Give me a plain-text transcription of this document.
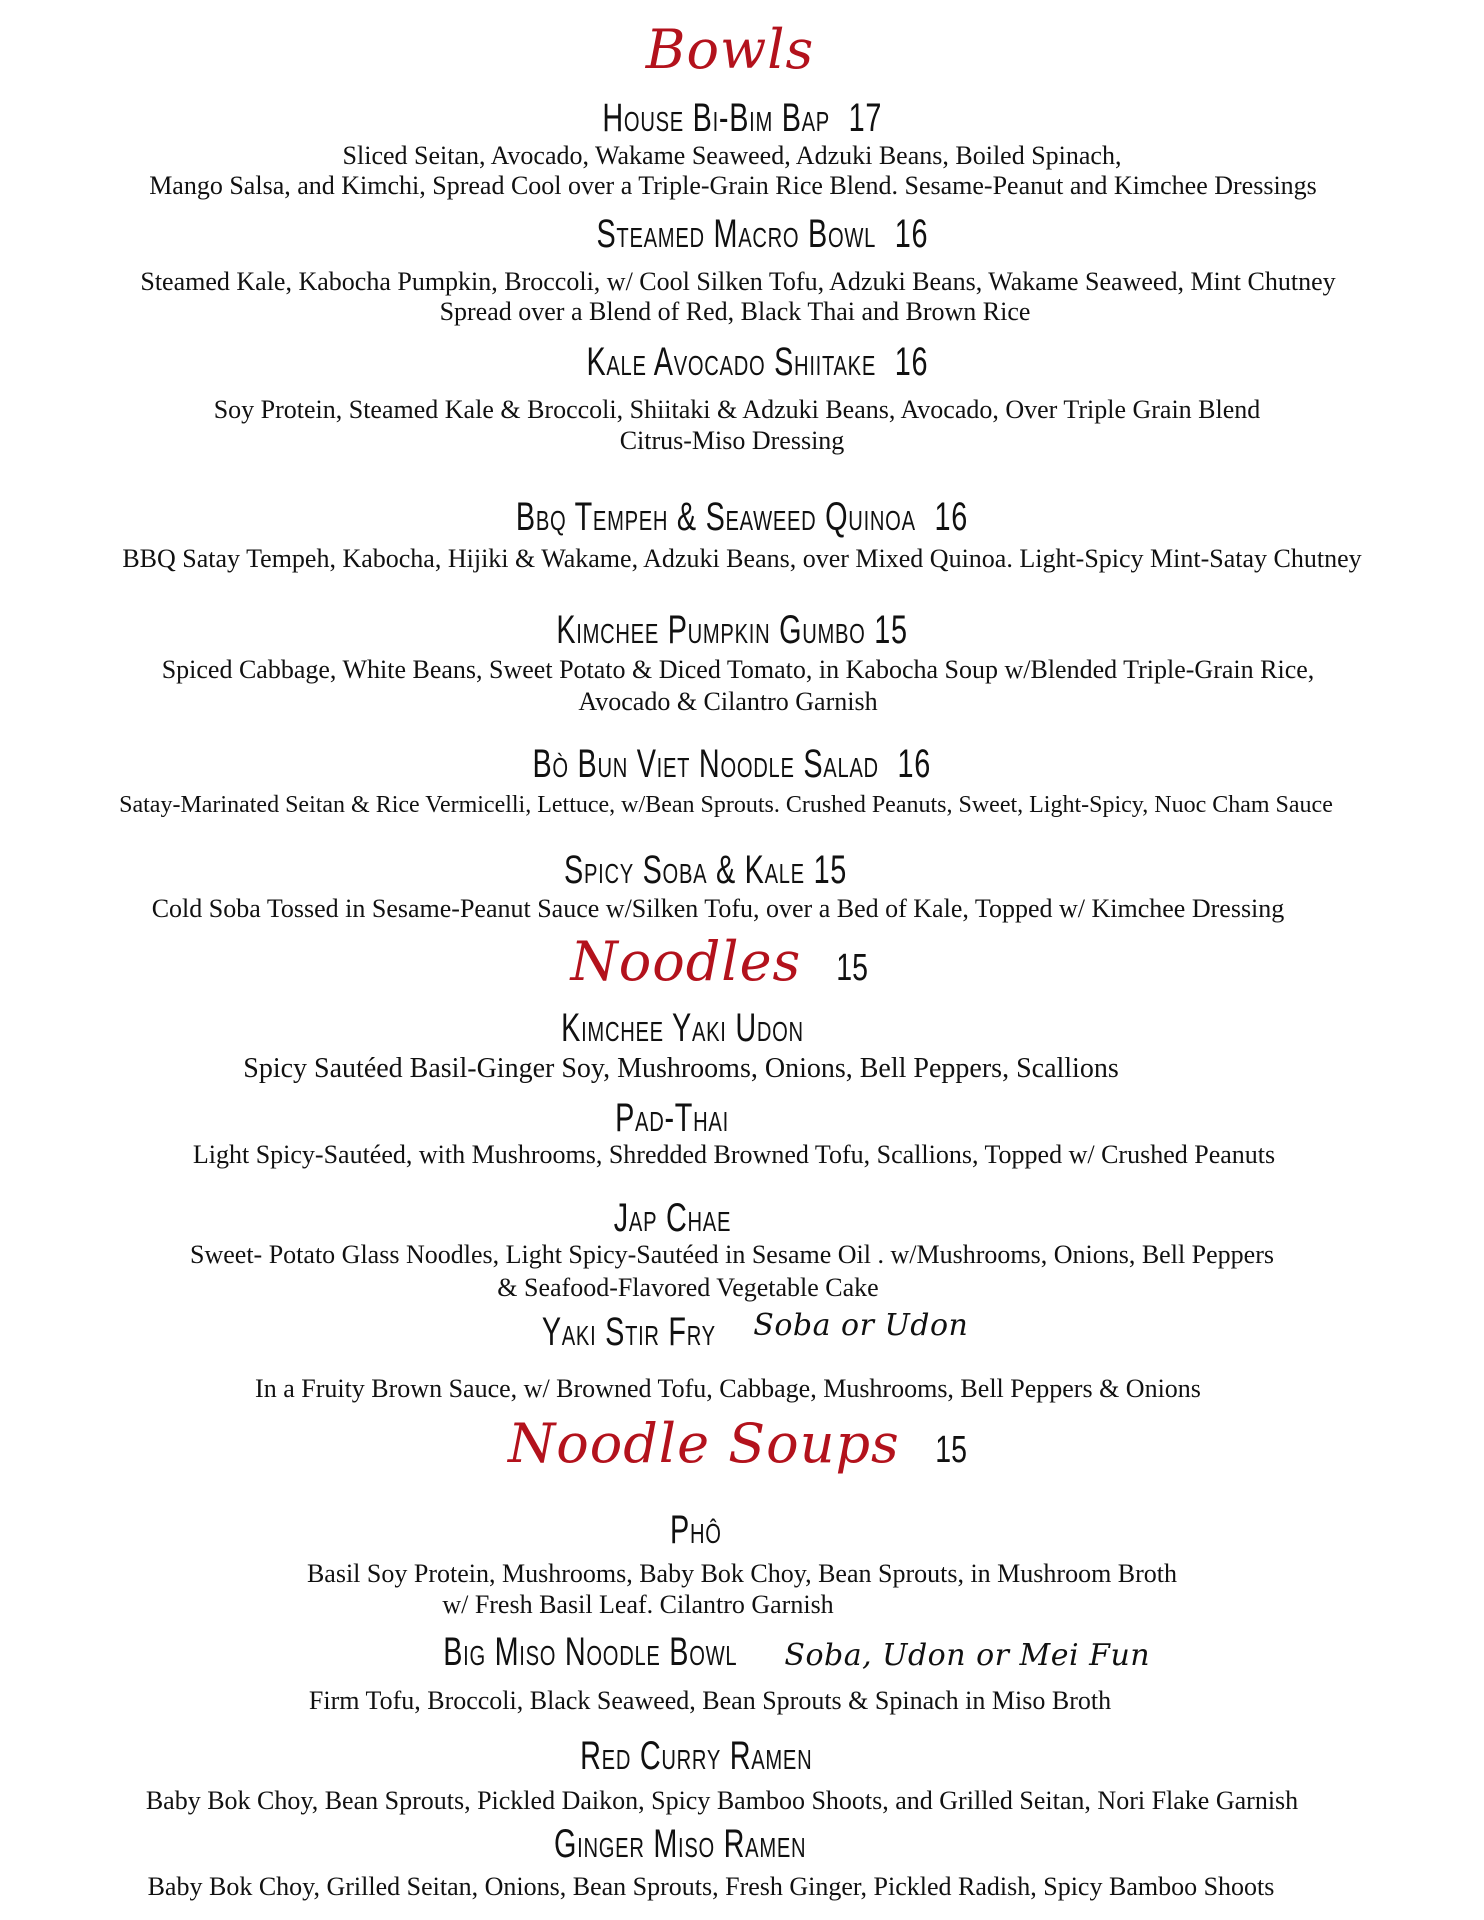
Bowls
House Bi-Bim Bap 17
Sliced Seitan, Avocado, Wakame Seaweed, Adzuki Beans, Boiled Spinach,
Mango Salsa, and Kimchi, Spread Cool over a Triple-Grain Rice Blend. Sesame-Peanut and Kimchee Dressings
Steamed Macro Bowl 16
Steamed Kale, Kabocha Pumpkin, Broccoli, w/ Cool Silken Tofu, Adzuki Beans, Wakame Seaweed, Mint Chutney
Spread over a Blend of Red, Black Thai and Brown Rice
Kale Avocado Shiitake 16
Soy Protein, Steamed Kale & Broccoli, Shiitaki & Adzuki Beans, Avocado, Over Triple Grain Blend
Citrus-Miso Dressing
Bbq Tempeh & Seaweed Quinoa 16
BBQ Satay Tempeh, Kabocha, Hijiki & Wakame, Adzuki Beans, over Mixed Quinoa. Light-Spicy Mint-Satay Chutney
Kimchee Pumpkin Gumbo 15
Spiced Cabbage, White Beans, Sweet Potato & Diced Tomato, in Kabocha Soup w/Blended Triple-Grain Rice,
Avocado & Cilantro Garnish
Bò Bun Viet Noodle Salad 16
Satay-Marinated Seitan & Rice Vermicelli, Lettuce, w/Bean Sprouts. Crushed Peanuts, Sweet, Light-Spicy, Nuoc Cham Sauce
Spicy Soba & Kale 15
Cold Soba Tossed in Sesame-Peanut Sauce w/Silken Tofu, over a Bed of Kale, Topped w/ Kimchee Dressing
Noodles 15
Kimchee Yaki Udon
Spicy Sautéed Basil-Ginger Soy, Mushrooms, Onions, Bell Peppers, Scallions
Pad-Thai
Light Spicy-Sautéed, with Mushrooms, Shredded Browned Tofu, Scallions, Topped w/ Crushed Peanuts
Jap Chae
Sweet- Potato Glass Noodles, Light Spicy-Sautéed in Sesame Oil . w/Mushrooms, Onions, Bell Peppers
& Seafood-Flavored Vegetable Cake
Yaki Stir Fry Soba or Udon
In a Fruity Brown Sauce, w/ Browned Tofu, Cabbage, Mushrooms, Bell Peppers & Onions
Noodle Soups 15
Phô
Basil Soy Protein, Mushrooms, Baby Bok Choy, Bean Sprouts, in Mushroom Broth
w/ Fresh Basil Leaf. Cilantro Garnish
Big Miso Noodle Bowl Soba, Udon or Mei Fun
Firm Tofu, Broccoli, Black Seaweed, Bean Sprouts & Spinach in Miso Broth
Red Curry Ramen
Baby Bok Choy, Bean Sprouts, Pickled Daikon, Spicy Bamboo Shoots, and Grilled Seitan, Nori Flake Garnish
Ginger Miso Ramen
Baby Bok Choy, Grilled Seitan, Onions, Bean Sprouts, Fresh Ginger, Pickled Radish, Spicy Bamboo Shoots
